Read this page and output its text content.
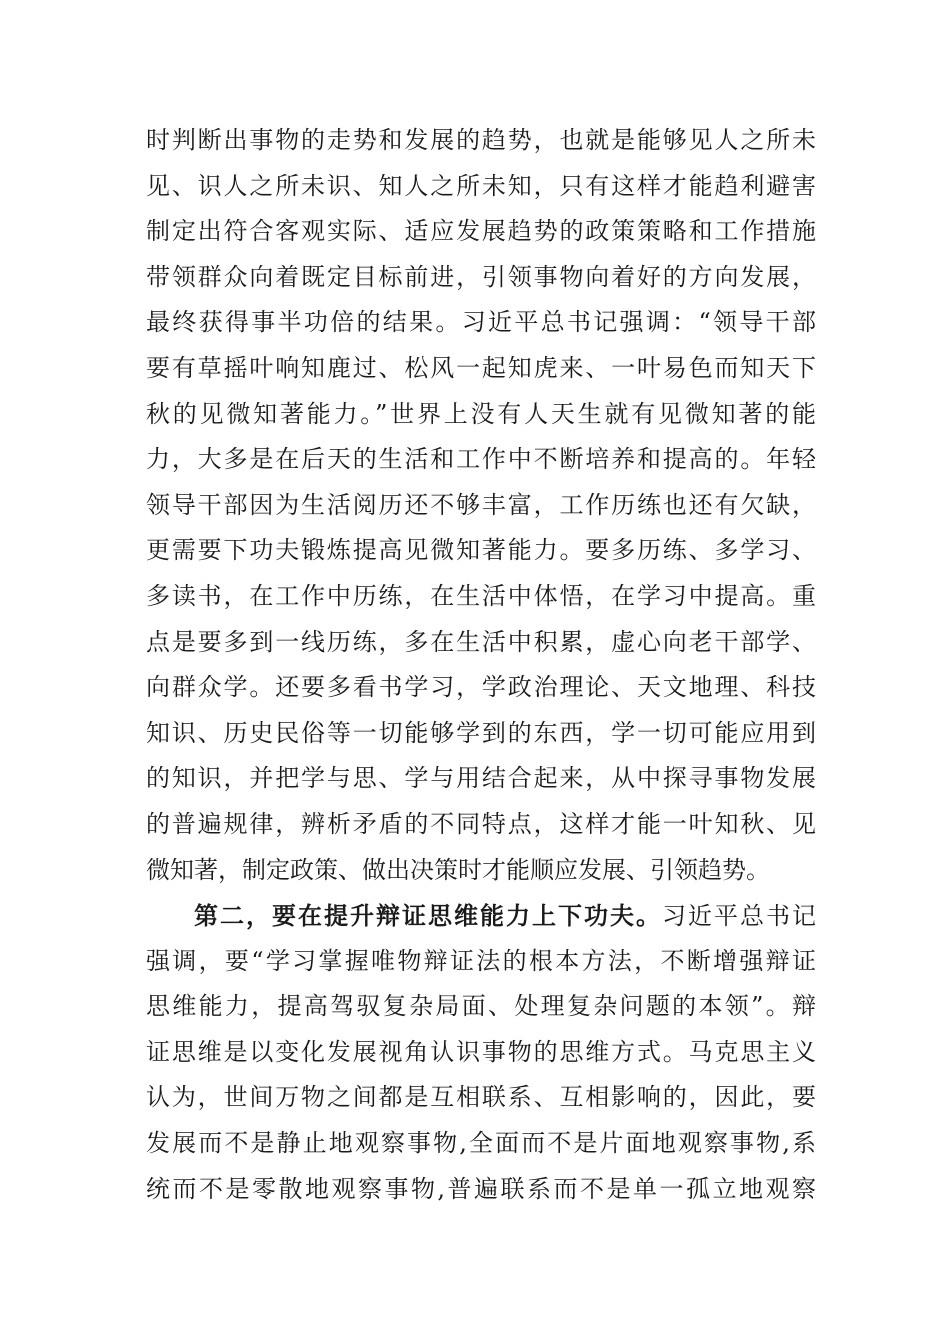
时判断出事物的走势和发展的趋势，也就是能够见人之所未
见、识人之所未识、知人之所未知，只有这样才能趋利避害
制定出符合客观实际、适应发展趋势的政策策略和工作措施
带领群众向着既定目标前进，引领事物向着好的方向发展，
最终获得事半功倍的结果。习近平总书记强调：“领导干部
要有草摇叶响知鹿过、松风一起知虎来、一叶易色而知天下
秋的见微知著能力。”世界上没有人天生就有见微知著的能
力，大多是在后天的生活和工作中不断培养和提高的。年轻
领导干部因为生活阅历还不够丰富，工作历练也还有欠缺，
更需要下功夫锻炼提高见微知著能力。要多历练、多学习、
多读书，在工作中历练，在生活中体悟，在学习中提高。重
点是要多到一线历练，多在生活中积累，虚心向老干部学、
向群众学。还要多看书学习，学政治理论、天文地理、科技
知识、历史民俗等一切能够学到的东西，学一切可能应用到
的知识，并把学与思、学与用结合起来，从中探寻事物发展
的普遍规律，辨析矛盾的不同特点，这样才能一叶知秋、见
微知著，制定政策、做出决策时才能顺应发展、引领趋势。
第二，要在提升辩证思维能力上下功夫。习近平总书记
强调，要“学习掌握唯物辩证法的根本方法，不断增强辩证
思维能力，提高驾驭复杂局面、处理复杂问题的本领”。辩
证思维是以变化发展视角认识事物的思维方式。马克思主义
认为，世间万物之间都是互相联系、互相影响的，因此，要
发展而不是静止地观察事物,全面而不是片面地观察事物,系
统而不是零散地观察事物,普遍联系而不是单一孤立地观察
